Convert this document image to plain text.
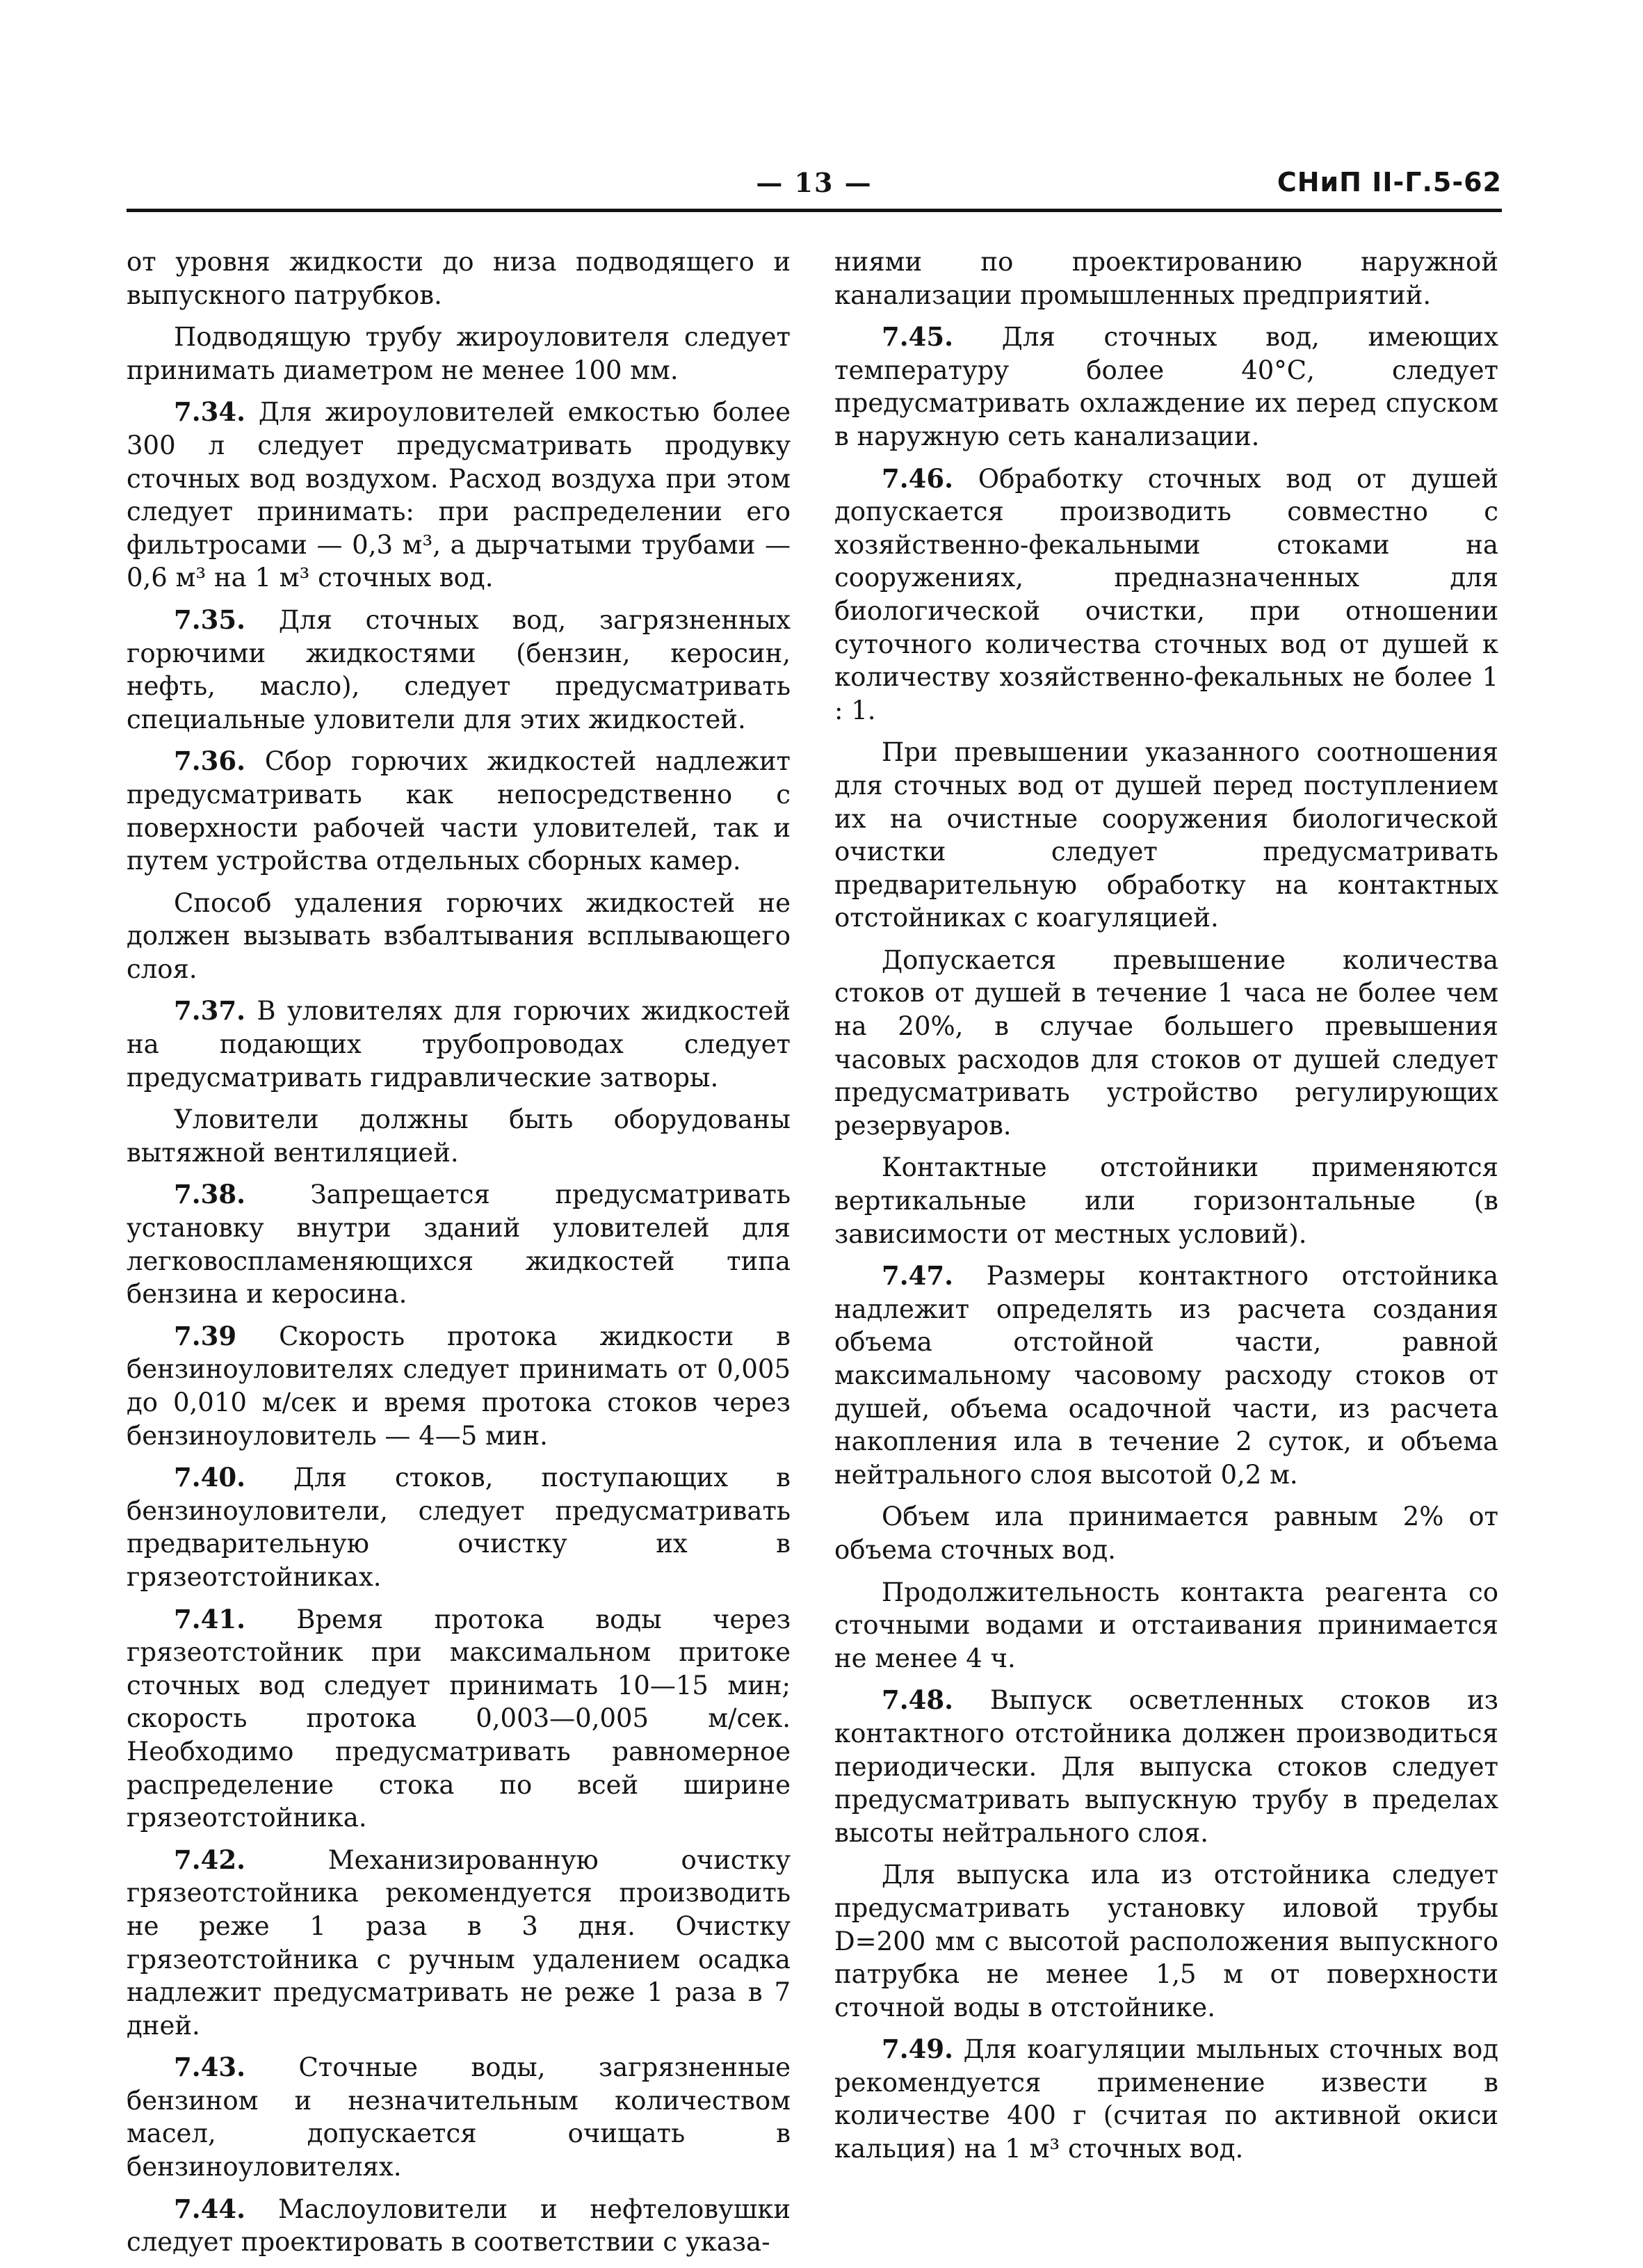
— 13 —	СНиП II-Г.5-62

от уровня жидкости до низа подводящего и выпускного патрубков.

Подводящую трубу жироуловителя следует принимать диаметром не менее 100 мм.

7.34. Для жироуловителей емкостью более 300 л следует предусматривать продувку сточных вод воздухом. Расход воздуха при этом следует принимать: при распределении его фильтросами — 0,3 м³, а дырчатыми трубами — 0,6 м³ на 1 м³ сточных вод.

7.35. Для сточных вод, загрязненных горючими жидкостями (бензин, керосин, нефть, масло), следует предусматривать специальные уловители для этих жидкостей.

7.36. Сбор горючих жидкостей надлежит предусматривать как непосредственно с поверхности рабочей части уловителей, так и путем устройства отдельных сборных камер.

Способ удаления горючих жидкостей не должен вызывать взбалтывания всплывающего слоя.

7.37. В уловителях для горючих жидкостей на подающих трубопроводах следует предусматривать гидравлические затворы.

Уловители должны быть оборудованы вытяжной вентиляцией.

7.38.	Запрещается предусматривать установку внутри зданий уловителей для легковоспламеняющихся жидкостей типа бензина и керосина.

7.39 Скорость протока жидкости в бензиноуловителях следует принимать от 0,005 до 0,010 м/сек и время протока стоков через бензиноуловитель — 4—5 мин.

7.40. Для стоков, поступающих в бензиноуловители, следует предусматривать предварительную очистку их в грязеотстойниках.

7.41. Время протока воды через грязеотстойник при максимальном притоке сточных вод следует принимать 10—15 мин; скорость протока 0,003—0,005 м/сек. Необходимо предусматривать равномерное распределение стока по всей ширине грязеотстойника.

7.42.	Механизированную очистку грязеотстойника рекомендуется производить не реже 1 раза в 3 дня. Очистку грязеотстойника с ручным удалением осадка надлежит предусматривать не реже 1 раза в 7 дней.

7.43. Сточные воды, загрязненные бензином и незначительным количеством масел, допускается очищать в бензиноуловителях.

7.44. Маслоуловители и нефтеловушки следует проектировать в соответствии с указа-

ниями по проектированию наружной канализации промышленных предприятий.

7.45. Для сточных вод, имеющих температуру более 40°С, следует предусматривать охлаждение их перед спуском в наружную сеть канализации.

7.46. Обработку сточных вод от душей допускается производить совместно с хозяйственно-фекальными стоками на сооружениях, предназначенных для биологической очистки, при отношении суточного количества сточных вод от душей к количеству хозяйственно-фекальных не более 1 : 1.

При превышении указанного соотношения для сточных вод от душей перед поступлением их на очистные сооружения биологической очистки следует предусматривать предварительную обработку на контактных отстойниках с коагуляцией.

Допускается превышение количества стоков от душей в течение 1 часа не более чем на 20%, в случае большего превышения часовых расходов для стоков от душей следует предусматривать устройство регулирующих резервуаров.

Контактные отстойники применяются вертикальные или горизонтальные (в зависимости от местных условий).

7.47. Размеры контактного отстойника надлежит определять из расчета создания объема отстойной части, равной максимальному часовому расходу стоков от душей, объема осадочной части, из расчета накопления ила в течение 2 суток, и объема нейтрального слоя высотой 0,2 м.

Объем ила принимается равным 2% от объема сточных вод.

Продолжительность контакта реагента со сточными водами и отстаивания принимается не менее 4 ч.

7.48. Выпуск осветленных стоков из контактного отстойника должен производиться периодически. Для выпуска стоков следует предусматривать выпускную трубу в пределах высоты нейтрального слоя.

Для выпуска ила из отстойника следует предусматривать установку иловой трубы D=200 мм с высотой расположения выпускного патрубка не менее 1,5 м от поверхности сточной воды в отстойнике.

7.49. Для коагуляции мыльных сточных вод рекомендуется применение извести в количестве 400 г (считая по активной окиси кальция) на 1 м³ сточных вод.
